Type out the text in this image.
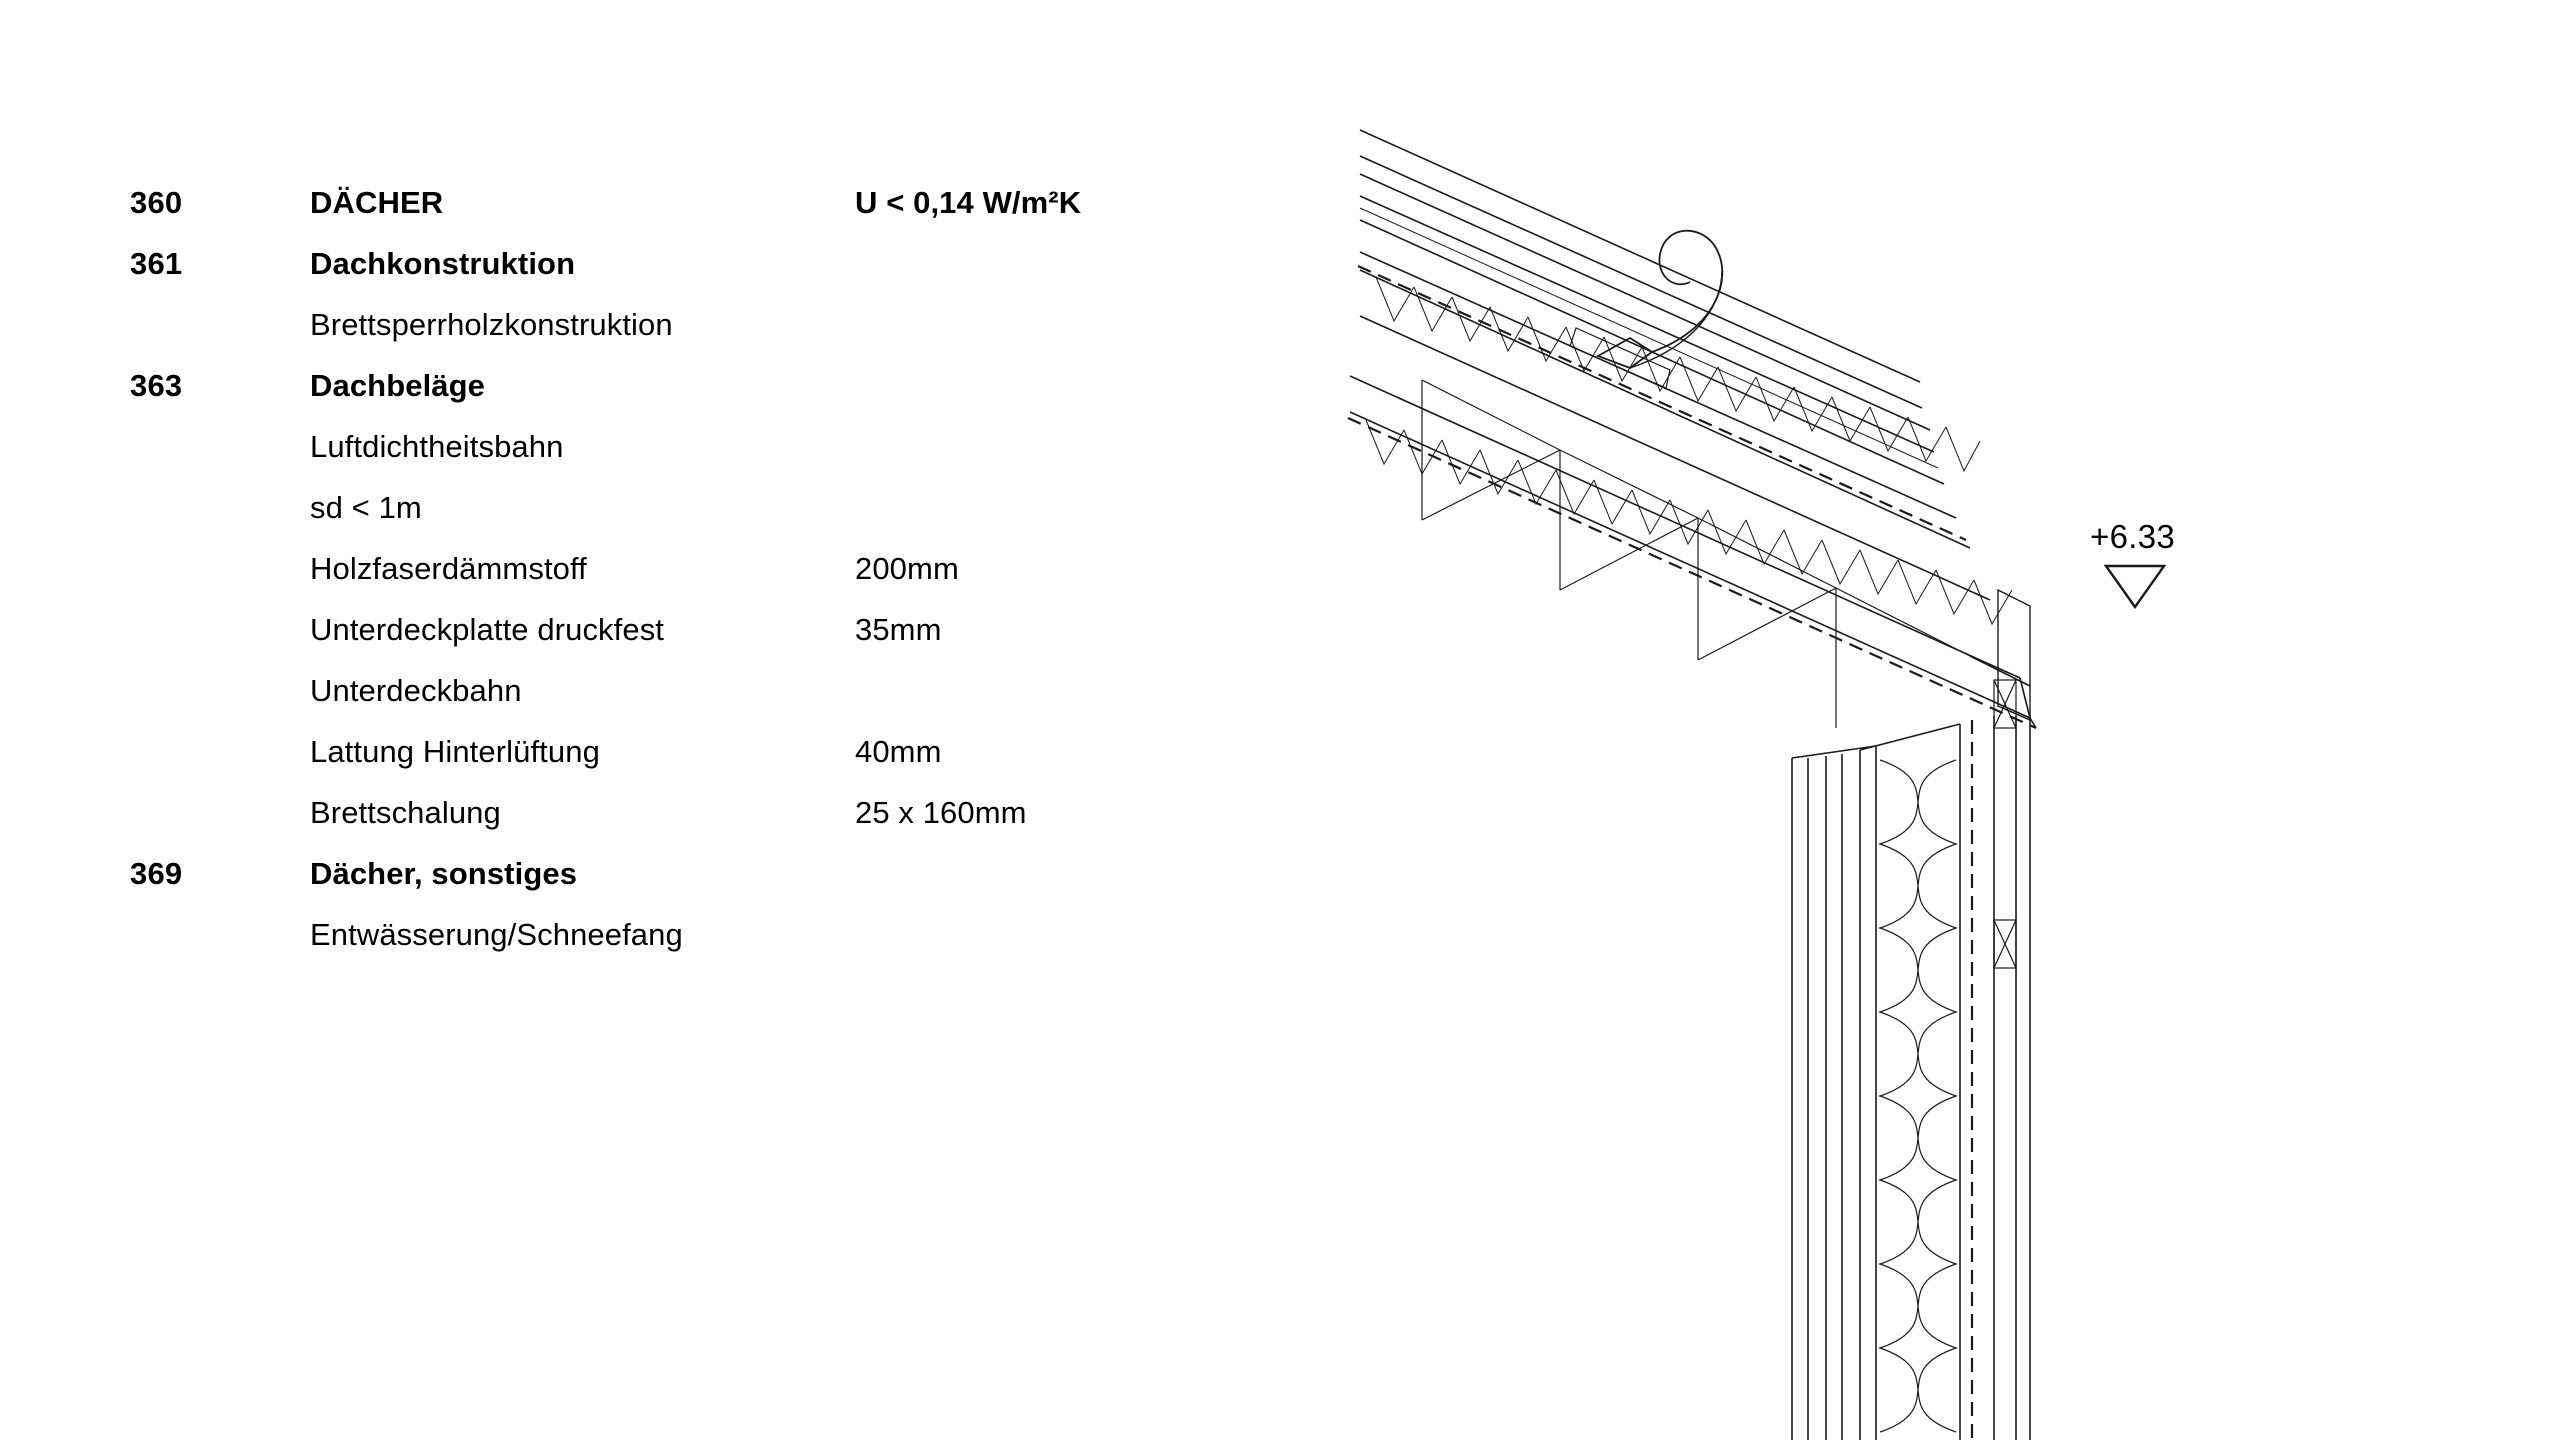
360	DÄCHER	U < 0,14 W/m²K
361	Dachkonstruktion
Brettsperrholzkonstruktion
363	Dachbeläge
Luftdichtheitsbahn
sd < 1m
Holzfaserdämmstoff	200mm
Unterdeckplatte druckfest	35mm
Unterdeckbahn
Lattung Hinterlüftung	40mm
Brettschalung	25 x 160mm
369	Dächer, sonstiges
Entwässerung/Schneefang
+6.33
